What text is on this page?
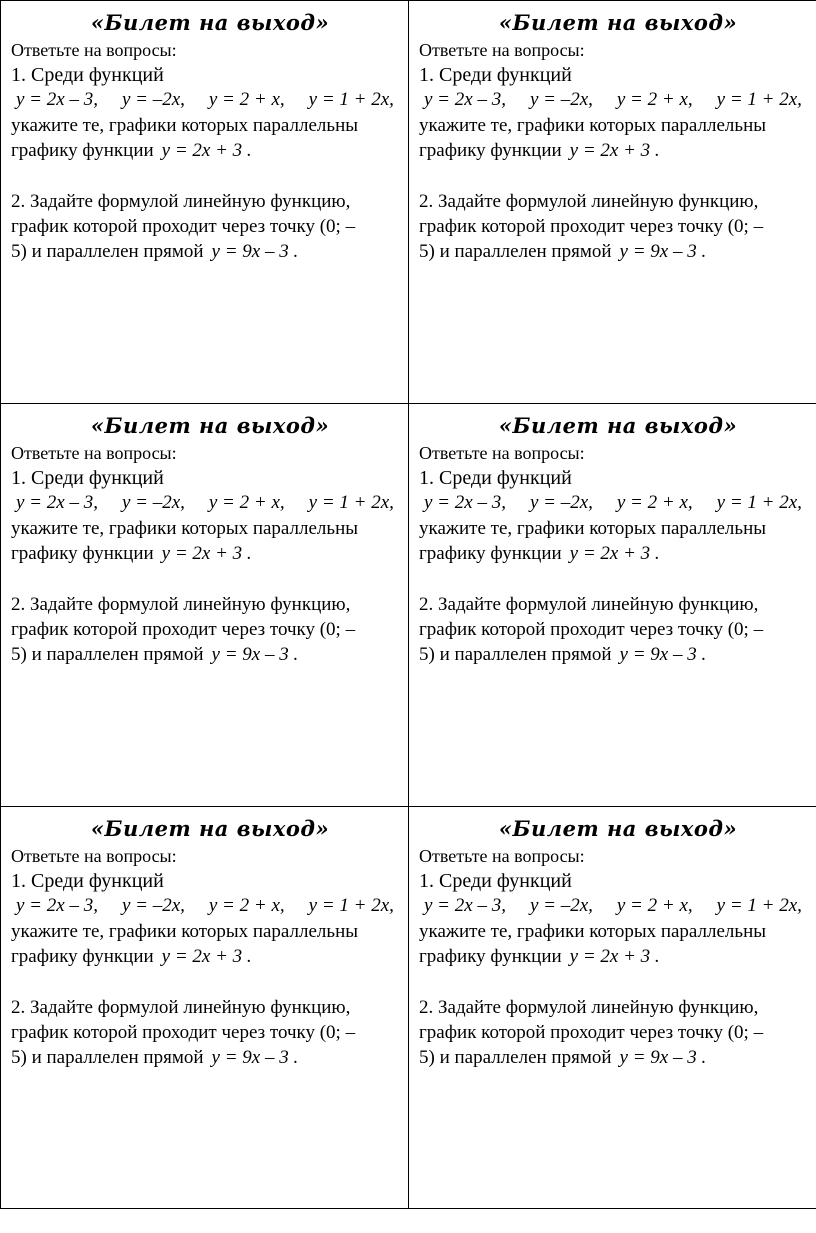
«Билет на выход»
Ответьте на вопросы:
1. Среди функций
y = 2x – 3, y = –2x, y = 2 + x, y = 1 + 2x,
укажите те, графики которых параллельны
графику функции y = 2x + 3 .
2. Задайте формулой линейную функцию,
график которой проходит через точку (0; –
5) и параллелен прямой y = 9x – 3 .
«Билет на выход»
Ответьте на вопросы:
1. Среди функций
y = 2x – 3, y = –2x, y = 2 + x, y = 1 + 2x,
укажите те, графики которых параллельны
графику функции y = 2x + 3 .
2. Задайте формулой линейную функцию,
график которой проходит через точку (0; –
5) и параллелен прямой y = 9x – 3 .
«Билет на выход»
Ответьте на вопросы:
1. Среди функций
y = 2x – 3, y = –2x, y = 2 + x, y = 1 + 2x,
укажите те, графики которых параллельны
графику функции y = 2x + 3 .
2. Задайте формулой линейную функцию,
график которой проходит через точку (0; –
5) и параллелен прямой y = 9x – 3 .
«Билет на выход»
Ответьте на вопросы:
1. Среди функций
y = 2x – 3, y = –2x, y = 2 + x, y = 1 + 2x,
укажите те, графики которых параллельны
графику функции y = 2x + 3 .
2. Задайте формулой линейную функцию,
график которой проходит через точку (0; –
5) и параллелен прямой y = 9x – 3 .
«Билет на выход»
Ответьте на вопросы:
1. Среди функций
y = 2x – 3, y = –2x, y = 2 + x, y = 1 + 2x,
укажите те, графики которых параллельны
графику функции y = 2x + 3 .
2. Задайте формулой линейную функцию,
график которой проходит через точку (0; –
5) и параллелен прямой y = 9x – 3 .
«Билет на выход»
Ответьте на вопросы:
1. Среди функций
y = 2x – 3, y = –2x, y = 2 + x, y = 1 + 2x,
укажите те, графики которых параллельны
графику функции y = 2x + 3 .
2. Задайте формулой линейную функцию,
график которой проходит через точку (0; –
5) и параллелен прямой y = 9x – 3 .
